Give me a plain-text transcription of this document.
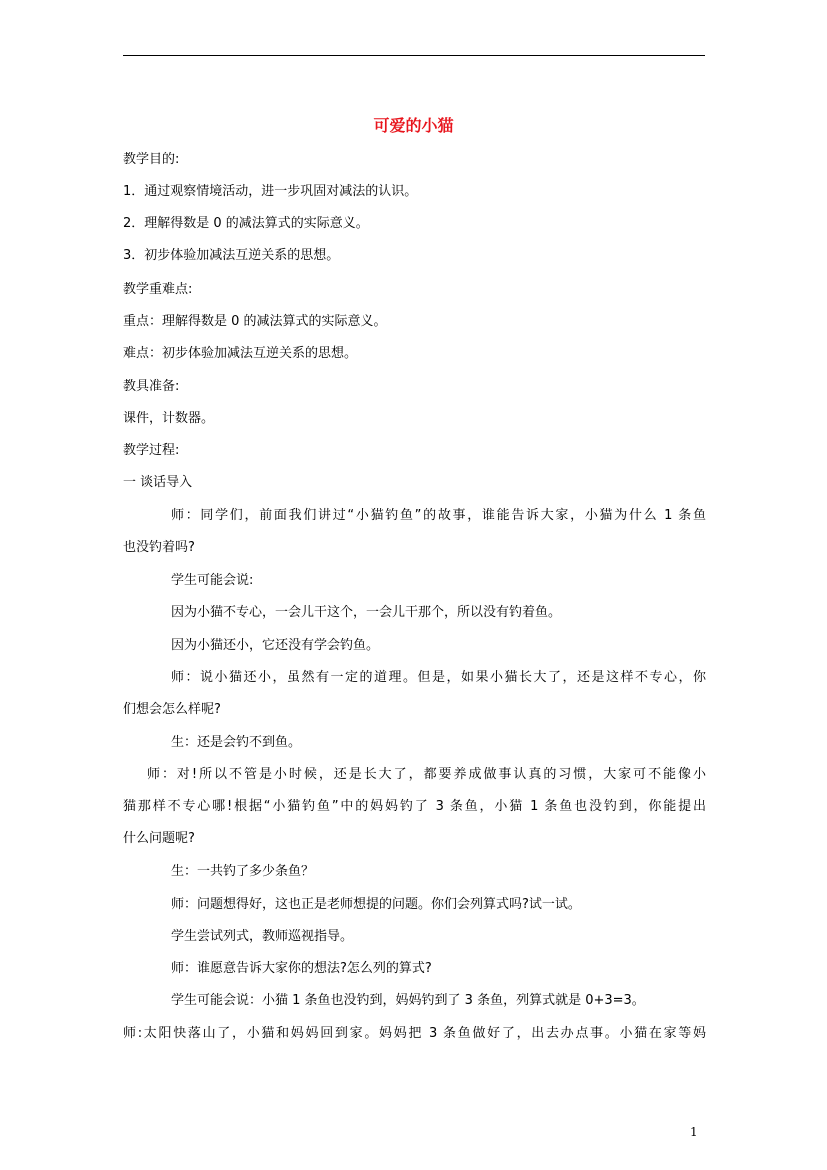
可爱的小猫
教学目的:
1．通过观察情境活动，进一步巩固对减法的认识。
2．理解得数是 0 的减法算式的实际意义。
3．初步体验加减法互逆关系的思想。
教学重难点:
重点：理解得数是 0 的减法算式的实际意义。
难点：初步体验加减法互逆关系的思想。
教具准备:
课件，计数器。
教学过程:
一 谈话导入
师：同学们，前面我们讲过“小猫钓鱼”的故事，谁能告诉大家，小猫为什么 1 条鱼
也没钓着吗?
学生可能会说:
因为小猫不专心，一会儿干这个，一会儿干那个，所以没有钓着鱼。
因为小猫还小，它还没有学会钓鱼。
师：说小猫还小，虽然有一定的道理。但是，如果小猫长大了，还是这样不专心，你
们想会怎么样呢?
生：还是会钓不到鱼。
师：对!所以不管是小时候，还是长大了，都要养成做事认真的习惯，大家可不能像小
猫那样不专心哪!根据“小猫钓鱼”中的妈妈钓了 3 条鱼，小猫 1 条鱼也没钓到，你能提出
什么问题呢?
生：一共钓了多少条鱼？
师：问题想得好，这也正是老师想提的问题。你们会列算式吗?试一试。
学生尝试列式，教师巡视指导。
师：谁愿意告诉大家你的想法?怎么列的算式?
学生可能会说：小猫 1 条鱼也没钓到，妈妈钓到了 3 条鱼，列算式就是 0+3=3。
师:太阳快落山了，小猫和妈妈回到家。妈妈把 3 条鱼做好了，出去办点事。小猫在家等妈
1
